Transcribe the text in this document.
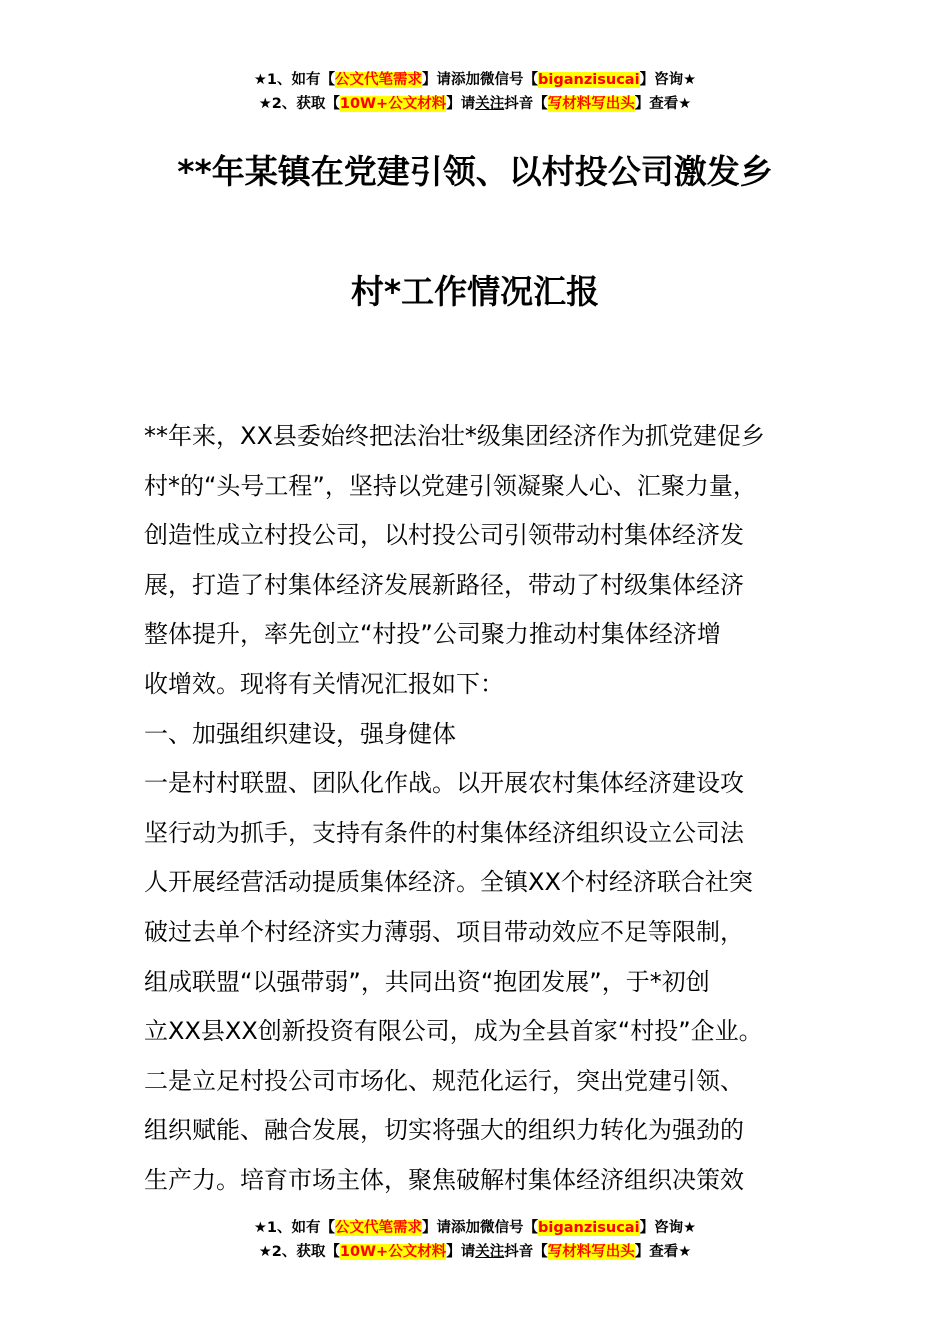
★1、如有【公文代笔需求】请添加微信号【biganzisucai】咨询★
★2、获取【10W+公文材料】请关注抖音【写材料写出头】查看★
**年某镇在党建引领、以村投公司激发乡
村*工作情况汇报

**年来，XX县委始终把法治壮*级集团经济作为抓党建促乡

村*的“头号工程”，坚持以党建引领凝聚人心、汇聚力量，

创造性成立村投公司，以村投公司引领带动村集体经济发

展，打造了村集体经济发展新路径，带动了村级集体经济

整体提升，率先创立“村投”公司聚力推动村集体经济增

收增效。现将有关情况汇报如下：

一、加强组织建设，强身健体

一是村村联盟、团队化作战。以开展农村集体经济建设攻

坚行动为抓手，支持有条件的村集体经济组织设立公司法

人开展经营活动提质集体经济。全镇XX个村经济联合社突

破过去单个村经济实力薄弱、项目带动效应不足等限制，

组成联盟“以强带弱”，共同出资“抱团发展”，于*初创

立XX县XX创新投资有限公司，成为全县首家“村投”企业。

二是立足村投公司市场化、规范化运行，突出党建引领、

组织赋能、融合发展，切实将强大的组织力转化为强劲的

生产力。培育市场主体，聚焦破解村集体经济组织决策效

★1、如有【公文代笔需求】请添加微信号【biganzisucai】咨询★
★2、获取【10W+公文材料】请关注抖音【写材料写出头】查看★
